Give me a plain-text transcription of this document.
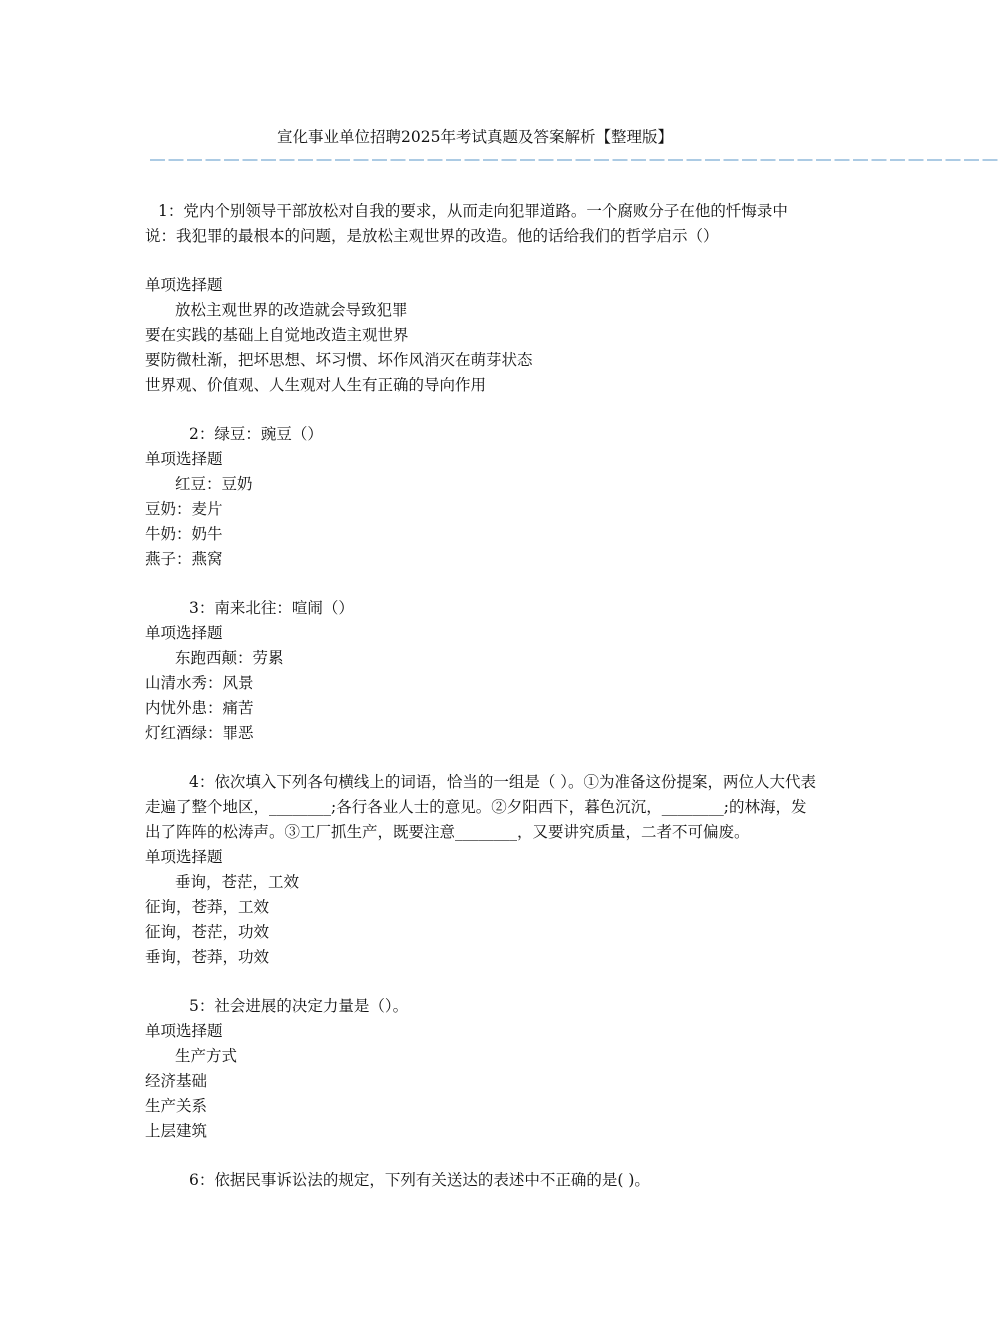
宣化事业单位招聘2025年考试真题及答案解析【整理版】
——————————————————————————————————————————————
1：党内个别领导干部放松对自我的要求，从而走向犯罪道路。一个腐败分子在他的忏悔录中说：我犯罪的最根本的问题，是放松主观世界的改造。他的话给我们的哲学启示（）
单项选择题
放松主观世界的改造就会导致犯罪
要在实践的基础上自觉地改造主观世界
要防微杜渐，把坏思想、坏习惯、坏作风消灭在萌芽状态
世界观、价值观、人生观对人生有正确的导向作用
2：绿豆：豌豆（）
单项选择题
红豆：豆奶
豆奶：麦片
牛奶：奶牛
燕子：燕窝
3：南来北往：喧闹（）
单项选择题
东跑西颠：劳累
山清水秀：风景
内忧外患：痛苦
灯红酒绿：罪恶
4：依次填入下列各句横线上的词语，恰当的一组是（ ）。①为准备这份提案，两位人大代表走遍了整个地区，________;各行各业人士的意见。②夕阳西下，暮色沉沉，________;的林海，发出了阵阵的松涛声。③工厂抓生产，既要注意________，又要讲究质量，二者不可偏废。
单项选择题
垂询，苍茫，工效
征询，苍莽，工效
征询，苍茫，功效
垂询，苍莽，功效
5：社会进展的决定力量是（）。
单项选择题
生产方式
经济基础
生产关系
上层建筑
6：依据民事诉讼法的规定，下列有关送达的表述中不正确的是( )。
